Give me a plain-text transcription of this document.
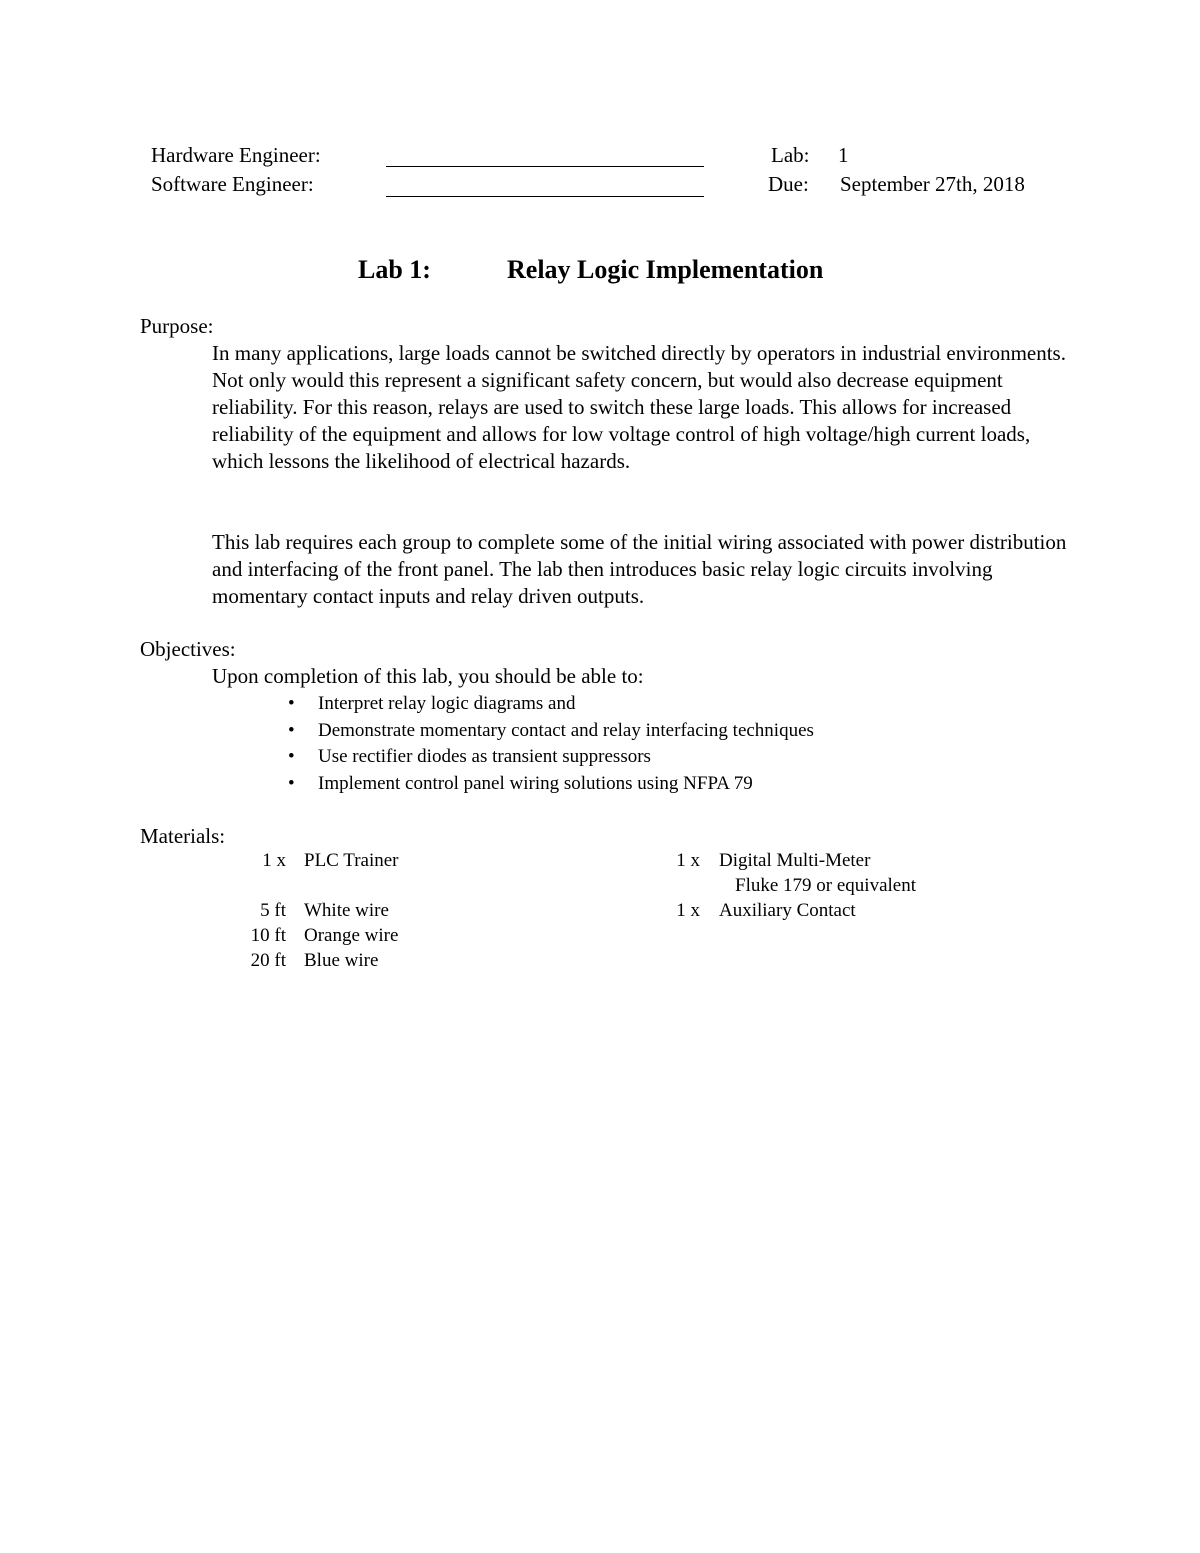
Hardware Engineer:
Software Engineer:
Lab: 1
Due: September 27th, 2018
Lab 1:	Relay Logic Implementation
Purpose:

In many applications, large loads cannot be switched directly by operators in industrial environments. Not only would this represent a significant safety concern, but would also decrease equipment reliability. For this reason, relays are used to switch these large loads. This allows for increased reliability of the equipment and allows for low voltage control of high voltage/high current loads, which lessons the likelihood of electrical hazards.

This lab requires each group to complete some of the initial wiring associated with power distribution and interfacing of the front panel. The lab then introduces basic relay logic circuits involving momentary contact inputs and relay driven outputs.

Objectives:
Upon completion of this lab, you should be able to:
• Interpret relay logic diagrams and
• Demonstrate momentary contact and relay interfacing techniques
• Use rectifier diodes as transient suppressors
• Implement control panel wiring solutions using NFPA 79
Materials:
1 x PLC Trainer
5 ft White wire
10 ft Orange wire
20 ft Blue wire
1 x Digital Multi-Meter
Fluke 179 or equivalent
1 x Auxiliary Contact
